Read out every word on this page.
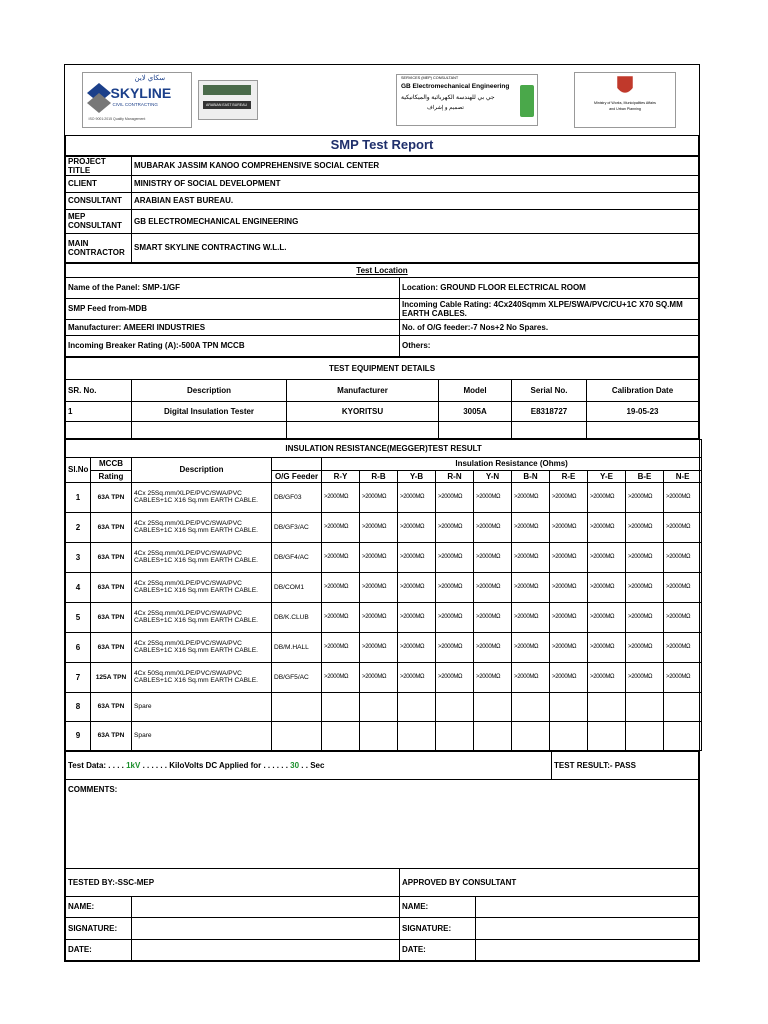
سكاي لاين
SKYLINE
CIVIL CONTRACTING
ISO 9001:2015 Quality Management
ARABIAN EAST BUREAU

SERVICES (MEP) CONSULTANT
GB Electromechanical Engineering
جي بي للهندسة الكهربائية والميكانيكية
تصميم و إشراف
Ministry of Works, Municipalities Affairs
and Urban Planning

SMP Test Report
PROJECT TITLE	MUBARAK JASSIM KANOO COMPREHENSIVE SOCIAL CENTER
CLIENT	MINISTRY OF SOCIAL DEVELOPMENT
CONSULTANT	ARABIAN EAST BUREAU.
MEP CONSULTANT	GB ELECTROMECHANICAL ENGINEERING
MAIN CONTRACTOR	SMART SKYLINE CONTRACTING W.L.L.
Test Location	
Name of the Panel: SMP-1/GF	Location: GROUND FLOOR ELECTRICAL ROOM
SMP Feed from-MDB	Incoming Cable Rating: 4Cx240Sqmm XLPE/SWA/PVC/CU+1C X70 SQ.MM EARTH CABLES.
Manufacturer: AMEERI INDUSTRIES	No. of O/G feeder:-7 Nos+2 No Spares.
Incoming Breaker Rating (A):-500A TPN MCCB	Others:
TEST EQUIPMENT DETAILS					
SR. No.	Description	Manufacturer	Model	Serial No.	Calibration Date
1	Digital Insulation Tester	KYORITSU	3005A	E8318727	19-05-23

INSULATION RESISTANCE(MEGGER)TEST RESULT													
Sl.No	MCCB	Description		Insulation Resistance (Ohms)									
	Rating		O/G Feeder	R-Y	R-B	Y-B	R-N	Y-N	B-N	R-E	Y-E	B-E	N-E
1	63A TPN	4Cx 25Sq.mm/XLPE/PVC/SWA/PVC
CABLES+1C X16 Sq.mm EARTH CABLE.	DB/GF03	>2000MΩ	>2000MΩ	>2000MΩ	>2000MΩ	>2000MΩ	>2000MΩ	>2000MΩ	>2000MΩ	>2000MΩ	>2000MΩ
2	63A TPN	4Cx 25Sq.mm/XLPE/PVC/SWA/PVC
CABLES+1C X16 Sq.mm EARTH CABLE.	DB/GF3/AC	>2000MΩ	>2000MΩ	>2000MΩ	>2000MΩ	>2000MΩ	>2000MΩ	>2000MΩ	>2000MΩ	>2000MΩ	>2000MΩ
3	63A TPN	4Cx 25Sq.mm/XLPE/PVC/SWA/PVC
CABLES+1C X16 Sq.mm EARTH CABLE.	DB/GF4/AC	>2000MΩ	>2000MΩ	>2000MΩ	>2000MΩ	>2000MΩ	>2000MΩ	>2000MΩ	>2000MΩ	>2000MΩ	>2000MΩ
4	63A TPN	4Cx 25Sq.mm/XLPE/PVC/SWA/PVC
CABLES+1C X16 Sq.mm EARTH CABLE.	DB/COM1	>2000MΩ	>2000MΩ	>2000MΩ	>2000MΩ	>2000MΩ	>2000MΩ	>2000MΩ	>2000MΩ	>2000MΩ	>2000MΩ
5	63A TPN	4Cx 25Sq.mm/XLPE/PVC/SWA/PVC
CABLES+1C X16 Sq.mm EARTH CABLE.	DB/K.CLUB	>2000MΩ	>2000MΩ	>2000MΩ	>2000MΩ	>2000MΩ	>2000MΩ	>2000MΩ	>2000MΩ	>2000MΩ	>2000MΩ
6	63A TPN	4Cx 25Sq.mm/XLPE/PVC/SWA/PVC
CABLES+1C X16 Sq.mm EARTH CABLE.	DB/M.HALL	>2000MΩ	>2000MΩ	>2000MΩ	>2000MΩ	>2000MΩ	>2000MΩ	>2000MΩ	>2000MΩ	>2000MΩ	>2000MΩ
7	125A TPN	4Cx 50Sq.mm/XLPE/PVC/SWA/PVC
CABLES+1C X16 Sq.mm EARTH CABLE.	DB/GF5/AC	>2000MΩ	>2000MΩ	>2000MΩ	>2000MΩ	>2000MΩ	>2000MΩ	>2000MΩ	>2000MΩ	>2000MΩ	>2000MΩ
8	63A TPN	Spare											

9	63A TPN	Spare											

Test Data: . . . . 1kV . . . . . . KiloVolts DC Applied for . . . . . . 30 . . Sec				TEST RESULT:- PASS
COMMENTS:				

TESTED BY:-SSC-MEP		APPROVED BY CONSULTANT		
NAME:		NAME:		
SIGNATURE:		SIGNATURE:		
DATE:		DATE:		
